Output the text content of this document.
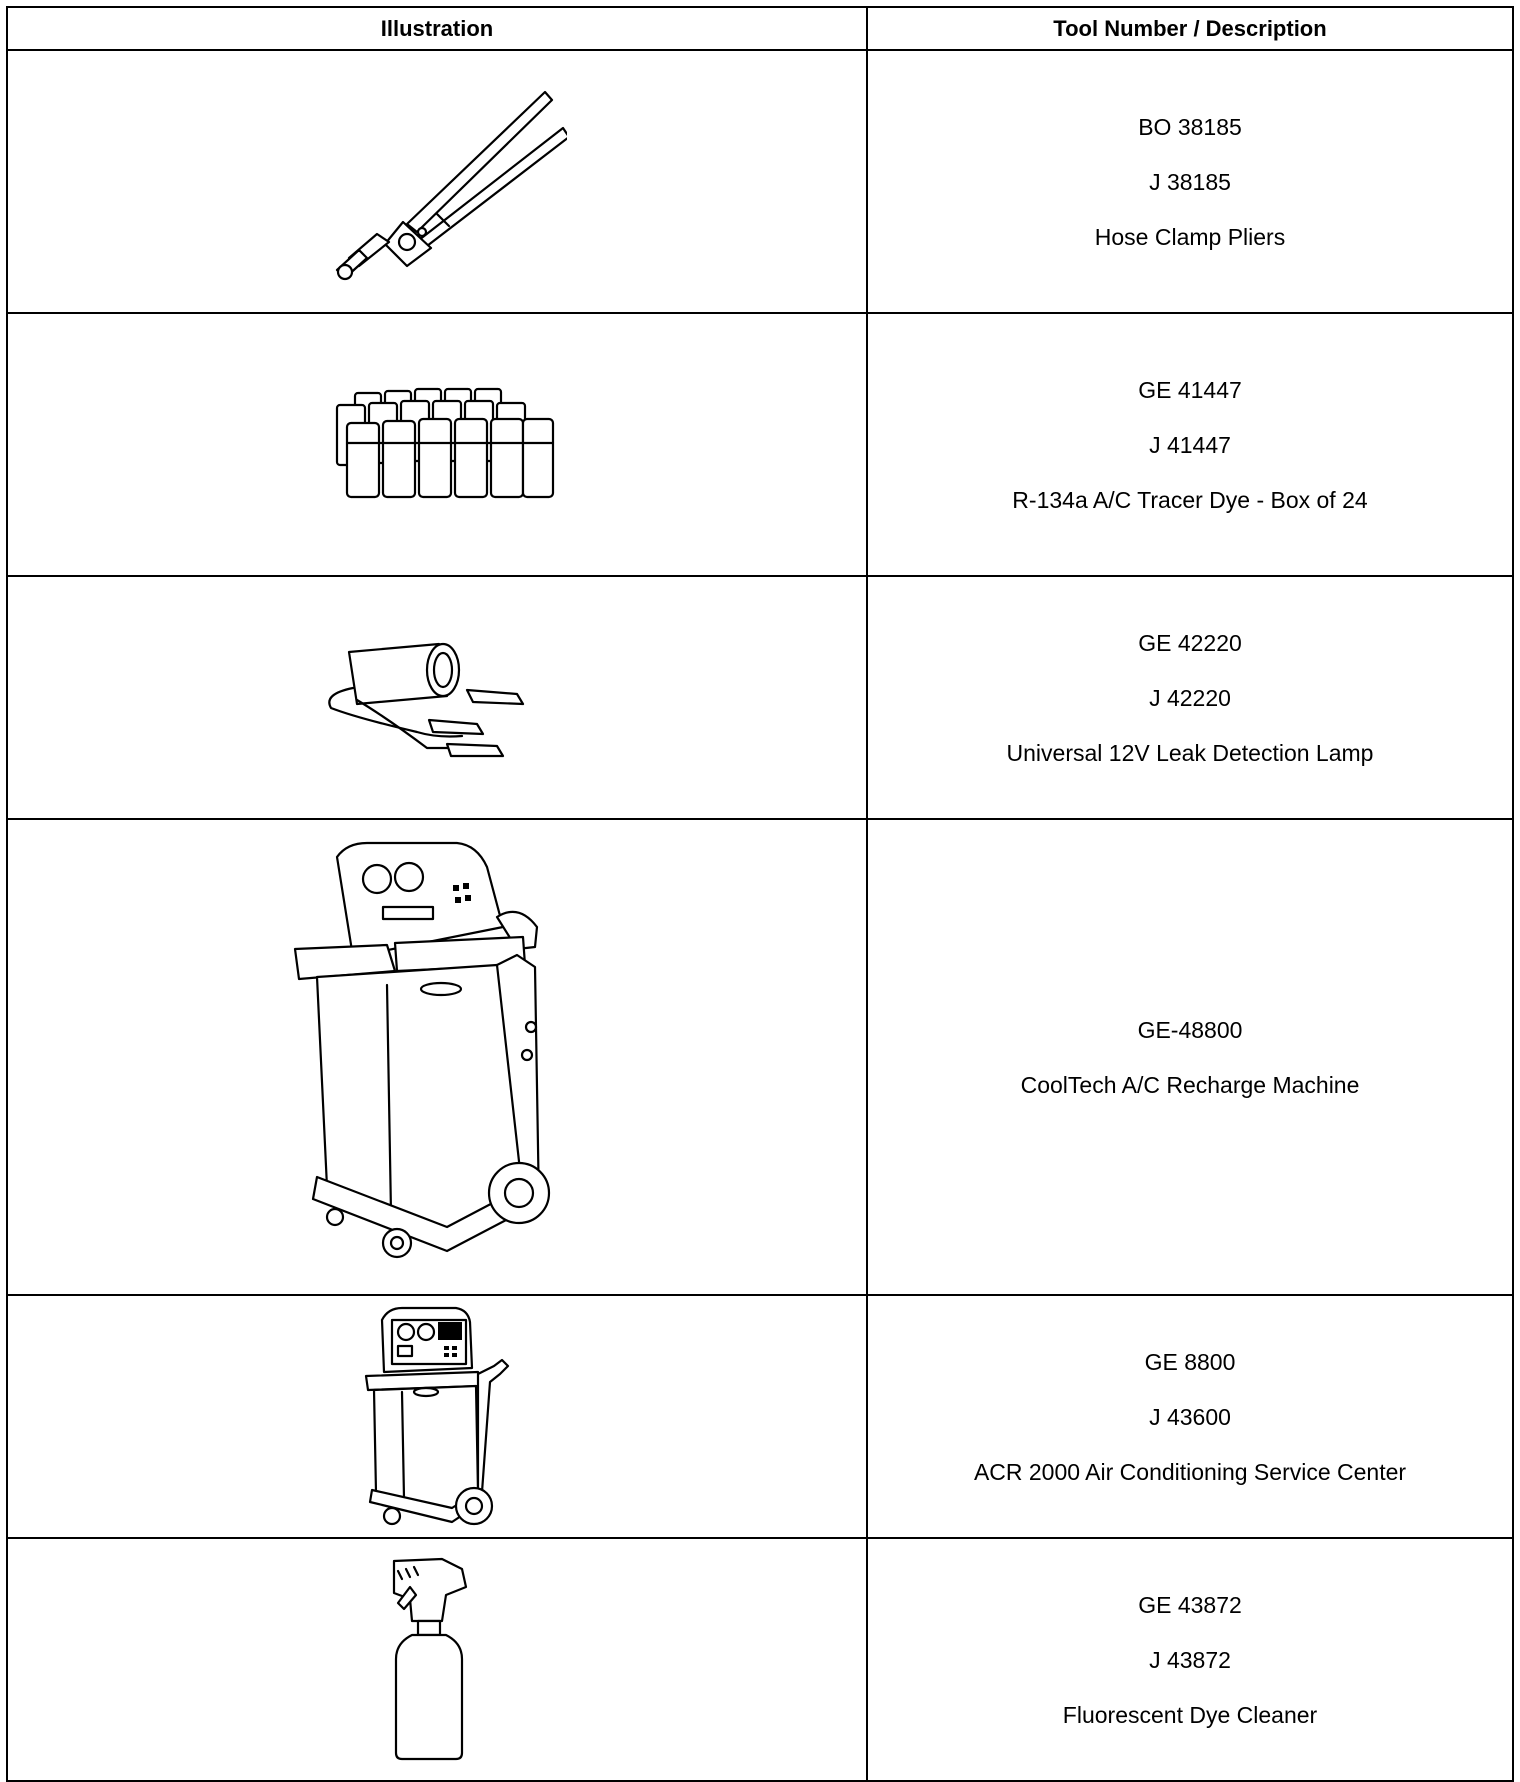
Illustration	Tool Number / Description

BO 38185
J 38185
Hose Clamp Pliers

GE 41447
J 41447
R-134a A/C Tracer Dye - Box of 24

GE 42220
J 42220
Universal 12V Leak Detection Lamp

GE-48800
CoolTech A/C Recharge Machine

GE 8800
J 43600
ACR 2000 Air Conditioning Service Center

GE 43872
J 43872
Fluorescent Dye Cleaner
